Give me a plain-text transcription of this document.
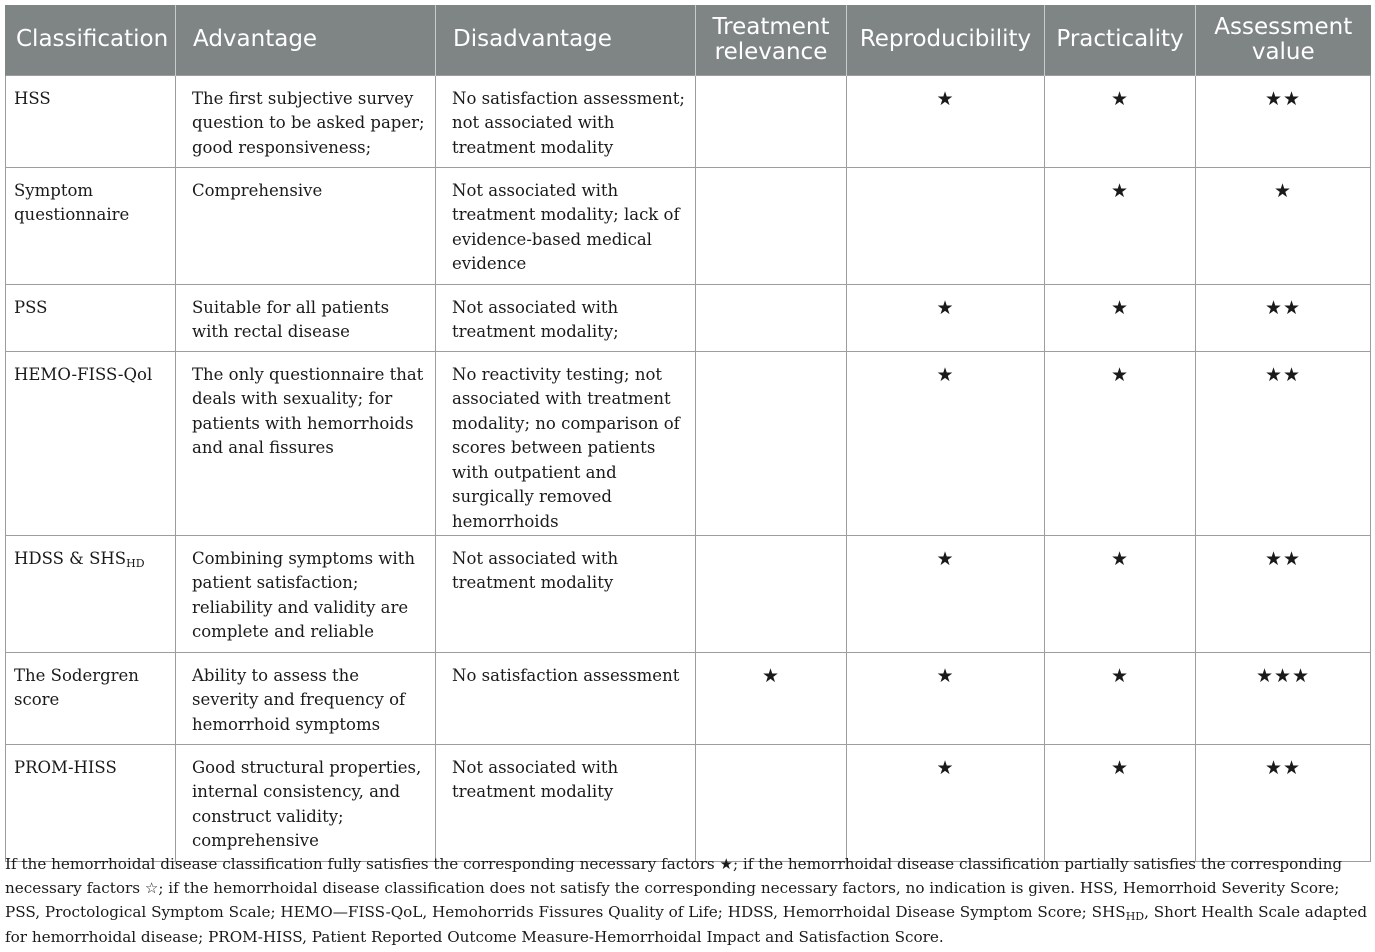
Classification	Advantage	Disadvantage	Treatment relevance	Reproducibility	Practicality	Assessment value
HSS	The first subjective survey question to be asked paper; good responsiveness;	No satisfaction assessment; not associated with treatment modality		★	★	★★
Symptom questionnaire	Comprehensive	Not associated with treatment modality; lack of evidence-based medical evidence			★	★
PSS	Suitable for all patients with rectal disease	Not associated with treatment modality;		★	★	★★
HEMO-FISS-Qol	The only questionnaire that deals with sexuality; for patients with hemorrhoids and anal fissures	No reactivity testing; not associated with treatment modality; no comparison of scores between patients with outpatient and surgically removed hemorrhoids		★	★	★★
HDSS & $SHS_{HD}$	Combining symptoms with patient satisfaction; reliability and validity are complete and reliable	Not associated with treatment modality		★	★	★★
The Sodergren score	Ability to assess the severity and frequency of hemorrhoid symptoms	No satisfaction assessment	★	★	★	★★★
PROM-HISS	Good structural properties, internal consistency, and construct validity; comprehensive	Not associated with treatment modality		★	★	★★
If the hemorrhoidal disease classification fully satisfies the corresponding necessary factors ★; if the hemorrhoidal disease classification partially satisfies the corresponding necessary factors ☆; if the hemorrhoidal disease classification does not satisfy the corresponding necessary factors, no indication is given. HSS, Hemorrhoid Severity Score; PSS, Proctological Symptom Scale; HEMO—FISS-QoL, Hemohorrids Fissures Quality of Life; HDSS, Hemorrhoidal Disease Symptom Score; $SHS_{HD}$, Short Health Scale adapted for hemorrhoidal disease; PROM-HISS, Patient Reported Outcome Measure-Hemorrhoidal Impact and Satisfaction Score.
